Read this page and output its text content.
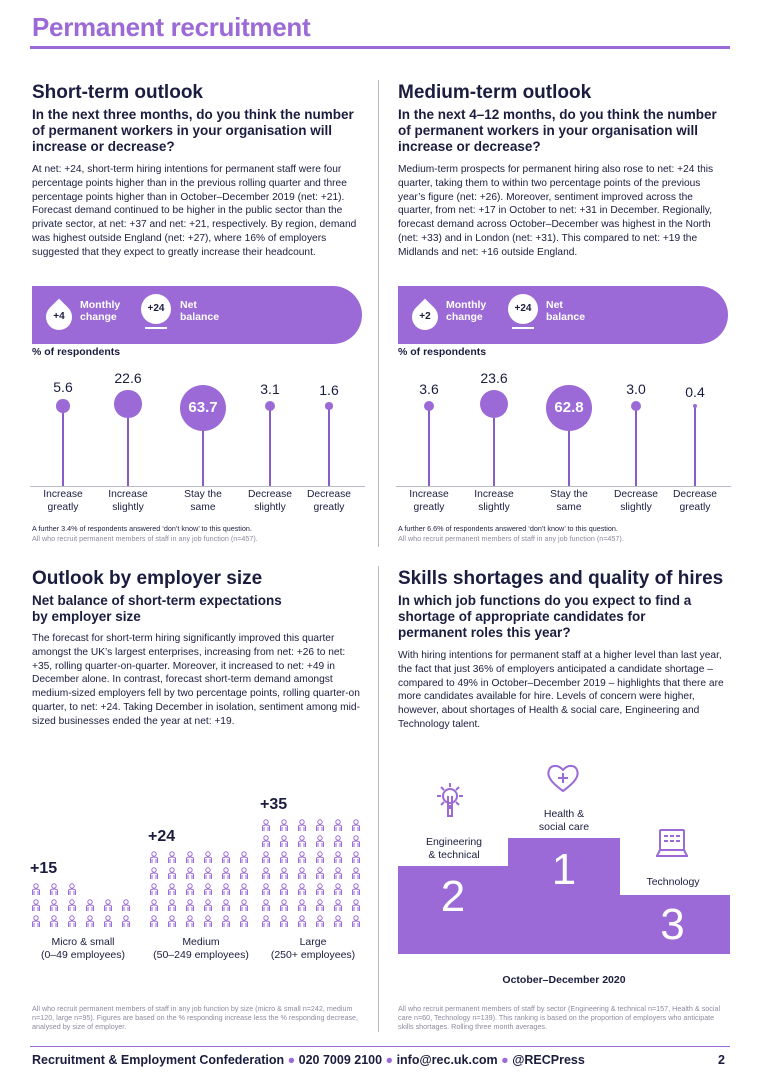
Permanent recruitment
Short-term outlook
In the next three months, do you think the number of permanent workers in your organisation will increase or decrease?
At net: +24, short-term hiring intentions for permanent staff were four percentage points higher than in the previous rolling quarter and three percentage points higher than in October–December 2019 (net: +21). Forecast demand continued to be higher in the public sector than the private sector, at net: +37 and net: +21, respectively. By region, demand was highest outside England (net: +27), where 16% of employers suggested that they expect to greatly increase their headcount.
+4
Monthly
change
+24	Net
balance
% of respondents
5.6
Increase
greatly
22.6
Increase
slightly
63.7
Stay the
same
3.1
Decrease
slightly
1.6
Decrease
greatly
A further 3.4% of respondents answered ‘don’t know’ to this question.
All who recruit permanent members of staff in any job function (n=457).
Medium-term outlook
In the next 4–12 months, do you think the number of permanent workers in your organisation will increase or decrease?
Medium-term prospects for permanent hiring also rose to net: +24 this quarter, taking them to within two percentage points of the previous year’s figure (net: +26). Moreover, sentiment improved across the quarter, from net: +17 in October to net: +31 in December. Regionally, forecast demand across October–December was highest in the North (net: +33) and in London (net: +31). This compared to net: +19 the Midlands and net: +16 outside England.
+2
Monthly
change
+24	Net
balance
% of respondents
3.6
Increase
greatly
23.6
Increase
slightly
62.8
Stay the
same
3.0
Decrease
slightly
0.4
Decrease
greatly
A further 6.6% of respondents answered ‘don’t know’ to this question.
All who recruit permanent members of staff in any job function (n=457).
Outlook by employer size
Net balance of short-term expectations
by employer size
The forecast for short-term hiring significantly improved this quarter amongst the UK’s largest enterprises, increasing from net: +26 to net: +35, rolling quarter-on-quarter. Moreover, it increased to net: +49 in December alone. In contrast, forecast short-term demand amongst medium-sized employers fell by two percentage points, rolling quarter-on quarter, to net: +24. Taking December in isolation, sentiment among mid-sized businesses ended the year at net: +19.
+15
Micro & small
(0–49 employees)
+24
Medium
(50–249 employees)
+35
Large
(250+ employees)
All who recruit permanent members of staff in any job function by size (micro & small n=242, medium n=120, large n=95). Figures are based on the % responding increase less the % responding decrease, analysed by size of employer.
Skills shortages and quality of hires
In which job functions do you expect to find a shortage of appropriate candidates for permanent roles this year?
With hiring intentions for permanent staff at a higher level than last year, the fact that just 36% of employers anticipated a candidate shortage – compared to 49% in October–December 2019 – highlights that there are more candidates available for hire. Levels of concern were higher, however, about shortages of Health & social care, Engineering and Technology talent.
Engineering
& technical
Health &
social care
Technology
2
1
3
October–December 2020
All who recruit permanent members of staff by sector (Engineering & technical n=157, Health & social care n=60, Technology n=139). This ranking is based on the proportion of employers who anticipate skills shortages. Rolling three month averages.
Recruitment & Employment Confederation ● 020 7009 2100 ● info@rec.uk.com ● @RECPress	2
